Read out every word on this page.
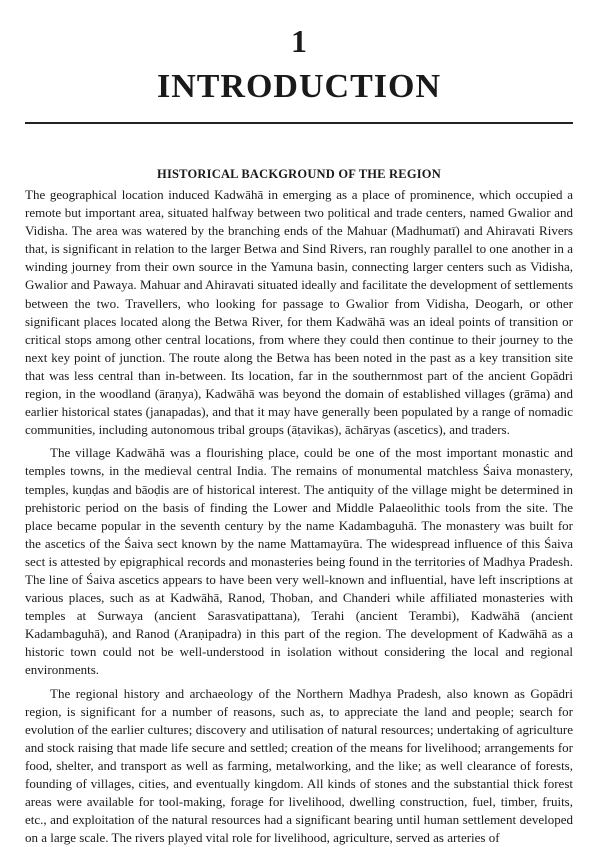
1
INTRODUCTION
HISTORICAL BACKGROUND OF THE REGION

The geographical location induced Kadwāhā in emerging as a place of prominence, which occupied a remote but important area, situated halfway between two political and trade centers, named Gwalior and Vidisha. The area was watered by the branching ends of the Mahuar (Madhumatī) and Ahiravati Rivers that, is significant in relation to the larger Betwa and Sind Rivers, ran roughly parallel to one another in a winding journey from their own source in the Yamuna basin, connecting larger centers such as Vidisha, Gwalior and Pawaya. Mahuar and Ahiravati situated ideally and facilitate the development of settlements between the two. Travellers, who looking for passage to Gwalior from Vidisha, Deogarh, or other significant places located along the Betwa River, for them Kadwāhā was an ideal points of transition or critical stops among other central locations, from where they could then continue to their journey to the next key point of junction. The route along the Betwa has been noted in the past as a key transition site that was less central than in-between. Its location, far in the southernmost part of the ancient Gopādri region, in the woodland (āraṇya), Kadwāhā was beyond the domain of established villages (grāma) and earlier historical states (janapadas), and that it may have generally been populated by a range of nomadic communities, including autonomous tribal groups (āṭavikas), āchāryas (ascetics), and traders.

The village Kadwāhā was a flourishing place, could be one of the most important monastic and temples towns, in the medieval central India. The remains of monumental matchless Śaiva monastery, temples, kuṇḍas and bāoḍis are of historical interest. The antiquity of the village might be determined in prehistoric period on the basis of finding the Lower and Middle Palaeolithic tools from the site. The place became popular in the seventh century by the name Kadambaguhā. The monastery was built for the ascetics of the Śaiva sect known by the name Mattamayūra. The widespread influence of this Śaiva sect is attested by epigraphical records and monasteries being found in the territories of Madhya Pradesh. The line of Śaiva ascetics appears to have been very well-known and influential, have left inscriptions at various places, such as at Kadwāhā, Ranod, Thoban, and Chanderi while affiliated monasteries with temples at Surwaya (ancient Sarasvatipattana), Terahi (ancient Terambi), Kadwāhā (ancient Kadambaguhā), and Ranod (Araṇipadra) in this part of the region. The development of Kadwāhā as a historic town could not be well-understood in isolation without considering the local and regional environments.

The regional history and archaeology of the Northern Madhya Pradesh, also known as Gopādri region, is significant for a number of reasons, such as, to appreciate the land and people; search for evolution of the earlier cultures; discovery and utilisation of natural resources; undertaking of agriculture and stock raising that made life secure and settled; creation of the means for livelihood; arrangements for food, shelter, and transport as well as farming, metalworking, and the like; as well clearance of forests, founding of villages, cities, and eventually kingdom. All kinds of stones and the substantial thick forest areas were available for tool-making, forage for livelihood, dwelling construction, fuel, timber, fruits, etc., and exploitation of the natural resources had a significant bearing until human settlement developed on a large scale. The rivers played vital role for livelihood, agriculture, served as arteries of
